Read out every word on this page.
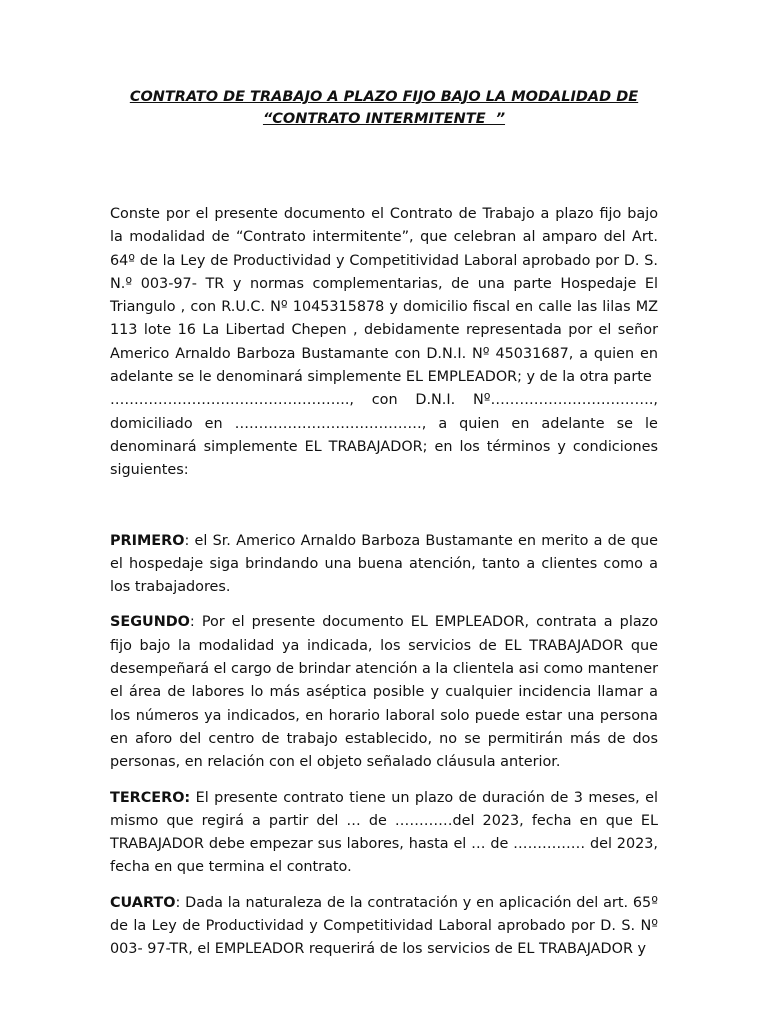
CONTRATO DE TRABAJO A PLAZO FIJO BAJO LA MODALIDAD DE
“CONTRATO INTERMITENTE  ”

Conste por el presente documento el Contrato de Trabajo a plazo fijo bajo la modalidad de “Contrato intermitente”, que celebran al amparo del Art. 64º de la Ley de Productividad y Competitividad Laboral aprobado por D. S. N.º 003-97- TR y normas complementarias, de una parte Hospedaje El Triangulo , con R.U.C. Nº 1045315878 y domicilio fiscal en calle las lilas MZ 113 lote 16 La Libertad Chepen , debidamente representada por el señor Americo Arnaldo Barboza Bustamante con D.N.I. Nº 45031687, a quien en adelante se le denominará simplemente EL EMPLEADOR; y de la otra parte

………………………………………….., con D.N.I. Nº…………………………….,
domiciliado en …………………………………, a quien en adelante se le

denominará simplemente EL TRABAJADOR; en los términos y condiciones siguientes:

PRIMERO: el Sr. Americo Arnaldo Barboza Bustamante en merito a de que el hospedaje siga brindando una buena atención, tanto a clientes como a los trabajadores.

SEGUNDO: Por el presente documento EL EMPLEADOR, contrata a plazo fijo bajo la modalidad ya indicada, los servicios de EL TRABAJADOR que desempeñará el cargo de brindar atención a la clientela asi como mantener el área de labores lo más aséptica posible y cualquier incidencia llamar a los números ya indicados, en horario laboral solo puede estar una persona en aforo del centro de trabajo establecido, no se permitirán más de dos personas, en relación con el objeto señalado cláusula anterior.

TERCERO: El presente contrato tiene un plazo de duración de 3 meses, el mismo que regirá a partir del … de …………del 2023, fecha en que EL TRABAJADOR debe empezar sus labores, hasta el … de …………… del 2023, fecha en que termina el contrato.

CUARTO: Dada la naturaleza de la contratación y en aplicación del art. 65º de la Ley de Productividad y Competitividad Laboral aprobado por D. S. Nº 003- 97-TR, el EMPLEADOR requerirá de los servicios de EL TRABAJADOR y
